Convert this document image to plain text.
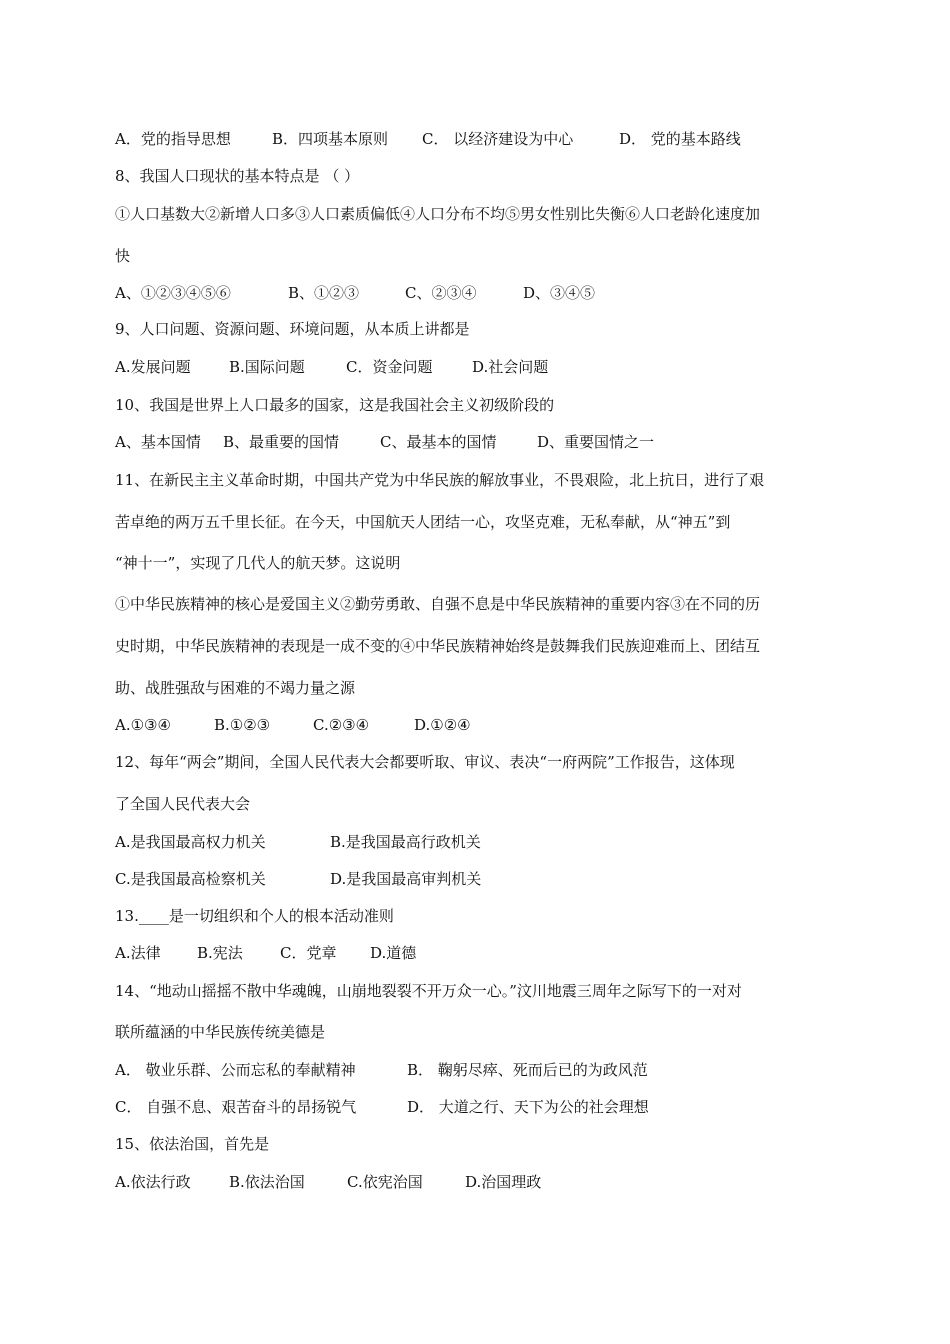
A．党的指导思想	B．四项基本原则 C． 以经济建设为中心	D． 党的基本路线
8、我国人口现状的基本特点是 （ ）
①人口基数大②新增人口多③人口素质偏低④人口分布不均⑤男女性别比失衡⑥人口老龄化速度加
快
A、①②③④⑤⑥	B、①②③	C、②③④	D、③④⑤
9、人口问题、资源问题、环境问题，从本质上讲都是
A.发展问题	B.国际问题	C．资金问题	D.社会问题
10、我国是世界上人口最多的国家，这是我国社会主义初级阶段的
A、基本国情 B、最重要的国情	C、最基本的国情	D、重要国情之一
11、在新民主主义革命时期，中国共产党为中华民族的解放事业，不畏艰险，北上抗日，进行了艰
苦卓绝的两万五千里长征。在今天，中国航天人团结一心，攻坚克难，无私奉献，从“神五”到
“神十一”，实现了几代人的航天梦。这说明
①中华民族精神的核心是爱国主义②勤劳勇敢、自强不息是中华民族精神的重要内容③在不同的历
史时期，中华民族精神的表现是一成不变的④中华民族精神始终是鼓舞我们民族迎难而上、团结互
助、战胜强敌与困难的不竭力量之源
A.①③④	B.①②③	C.②③④	D.①②④
12、每年“两会”期间，全国人民代表大会都要听取、审议、表决“一府两院”工作报告，这体现
了全国人民代表大会
A.是我国最高权力机关	B.是我国最高行政机关
C.是我国最高检察机关	D.是我国最高审判机关
13.____是一切组织和个人的根本活动准则
A.法律 B.宪法 C．党章 D.道德
14、“地动山摇摇不散中华魂魄，山崩地裂裂不开万众一心。”汶川地震三周年之际写下的一对对
联所蕴涵的中华民族传统美德是
A． 敬业乐群、公而忘私的奉献精神	B． 鞠躬尽瘁、死而后已的为政风范
C． 自强不息、艰苦奋斗的昂扬锐气	D． 大道之行、天下为公的社会理想
15、依法治国，首先是
A.依法行政	B.依法治国	C.依宪治国	D.治国理政
